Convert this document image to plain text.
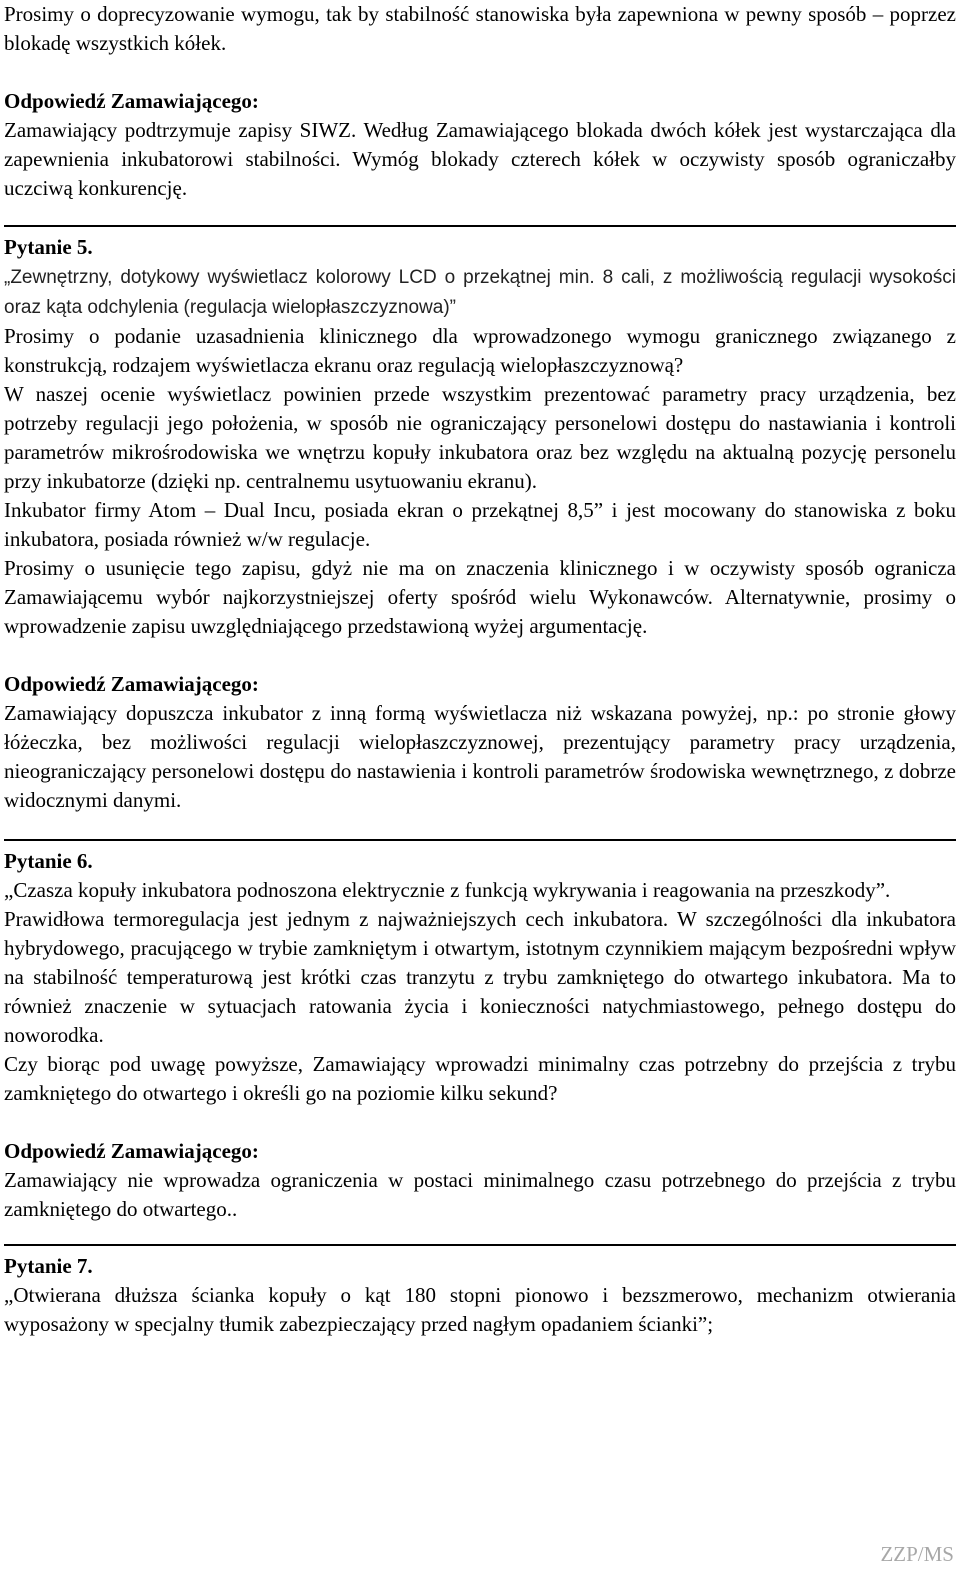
Prosimy o doprecyzowanie wymogu, tak by stabilność stanowiska była zapewniona w pewny sposób – poprzez blokadę wszystkich kółek.

Odpowiedź Zamawiającego:

Zamawiający podtrzymuje zapisy SIWZ. Według Zamawiającego blokada dwóch kółek jest wystarczająca dla zapewnienia inkubatorowi stabilności. Wymóg blokady czterech kółek w oczywisty sposób ograniczałby uczciwą konkurencję.

Pytanie 5.

„Zewnętrzny, dotykowy wyświetlacz kolorowy LCD o przekątnej min. 8 cali, z możliwością regulacji wysokości oraz kąta odchylenia (regulacja wielopłaszczyznowa)”

Prosimy o podanie uzasadnienia klinicznego dla wprowadzonego wymogu granicznego związanego z konstrukcją, rodzajem wyświetlacza ekranu oraz regulacją wielopłaszczyznową?

W naszej ocenie wyświetlacz powinien przede wszystkim prezentować parametry pracy urządzenia, bez potrzeby regulacji jego położenia, w sposób nie ograniczający personelowi dostępu do nastawiania i kontroli parametrów mikrośrodowiska we wnętrzu kopuły inkubatora oraz bez względu na aktualną pozycję personelu przy inkubatorze (dzięki np. centralnemu usytuowaniu ekranu).

Inkubator firmy Atom – Dual Incu, posiada ekran o przekątnej 8,5” i jest mocowany do stanowiska z boku inkubatora, posiada również w/w regulacje.

Prosimy o usunięcie tego zapisu, gdyż nie ma on znaczenia klinicznego i w oczywisty sposób ogranicza Zamawiającemu wybór najkorzystniejszej oferty spośród wielu Wykonawców. Alternatywnie, prosimy o wprowadzenie zapisu uwzględniającego przedstawioną wyżej argumentację.

Odpowiedź Zamawiającego:

Zamawiający dopuszcza inkubator z inną formą wyświetlacza niż wskazana powyżej, np.: po stronie głowy łóżeczka, bez możliwości regulacji wielopłaszczyznowej, prezentujący parametry pracy urządzenia, nieograniczający personelowi dostępu do nastawienia i kontroli parametrów środowiska wewnętrznego, z dobrze widocznymi danymi.

Pytanie 6.

„Czasza kopuły inkubatora podnoszona elektrycznie z funkcją wykrywania i reagowania na przeszkody”.

Prawidłowa termoregulacja jest jednym z najważniejszych cech inkubatora. W szczególności dla inkubatora hybrydowego, pracującego w trybie zamkniętym i otwartym, istotnym czynnikiem mającym bezpośredni wpływ na stabilność temperaturową jest krótki czas tranzytu z trybu zamkniętego do otwartego inkubatora. Ma to również znaczenie w sytuacjach ratowania życia i konieczności natychmiastowego, pełnego dostępu do noworodka.

Czy biorąc pod uwagę powyższe, Zamawiający wprowadzi minimalny czas potrzebny do przejścia z trybu zamkniętego do otwartego i określi go na poziomie kilku sekund?

Odpowiedź Zamawiającego:

Zamawiający nie wprowadza ograniczenia w postaci minimalnego czasu potrzebnego do przejścia z trybu zamkniętego do otwartego..

Pytanie 7.

„Otwierana dłuższa ścianka kopuły o kąt 180 stopni pionowo i bezszmerowo, mechanizm otwierania wyposażony w specjalny tłumik zabezpieczający przed nagłym opadaniem ścianki”;

ZZP/MS
